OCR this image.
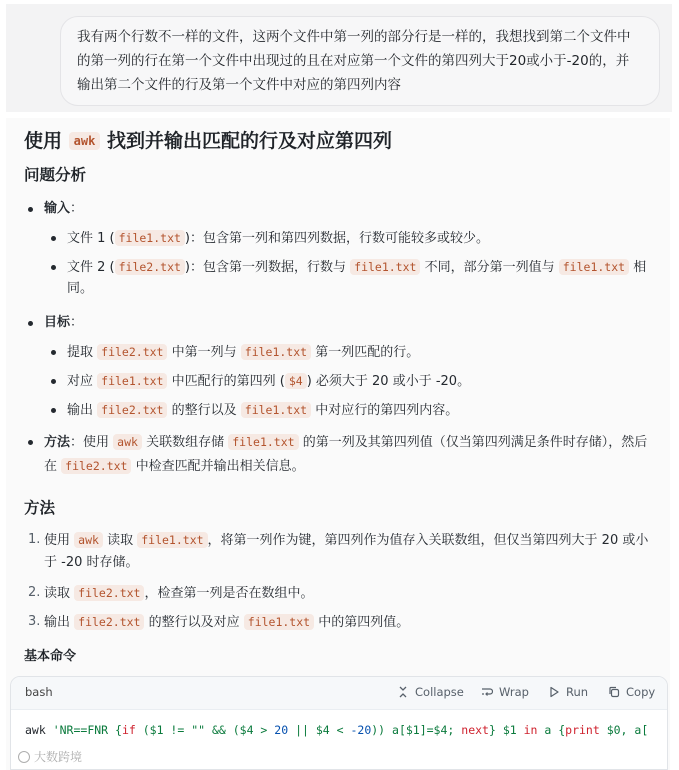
我有两个行数不一样的文件，这两个文件中第一列的部分行是一样的，我想找到第二个文件中
的第一列的行在第一个文件中出现过的且在对应第一个文件的第四列大于20或小于-20的，并
输出第二个文件的行及第一个文件中对应的第四列内容
使用 awk 找到并输出匹配的行及对应第四列
问题分析
输入：
文件 1 ( file1.txt )：包含第一列和第四列数据，行数可能较多或较少。
文件 2 ( file2.txt )：包含第一列数据，行数与 file1.txt 不同，部分第一列值与 file1.txt 相
同。
目标：
提取 file2.txt 中第一列与 file1.txt 第一列匹配的行。
对应 file1.txt 中匹配行的第四列 ( $4 ) 必须大于 20 或小于 -20。
输出 file2.txt 的整行以及 file1.txt 中对应行的第四列内容。
方法：使用 awk 关联数组存储 file1.txt 的第一列及其第四列值（仅当第四列满足条件时存储），然后
在 file2.txt 中检查匹配并输出相关信息。
方法
1. 使用 awk 读取 file1.txt ，将第一列作为键，第四列作为值存入关联数组，但仅当第四列大于 20 或小
于 -20 时存储。
2. 读取 file2.txt ，检查第一列是否在数组中。
3. 输出 file2.txt 的整行以及对应 file1.txt 中的第四列值。
基本命令
bash	Collapse	Wrap	Run	Copy
awk 'NR==FNR {if ($1 != "" && ($4 > 20 || $4 < -20)) a[$1]=$4; next} $1 in a {print $0, a[
大数跨境
